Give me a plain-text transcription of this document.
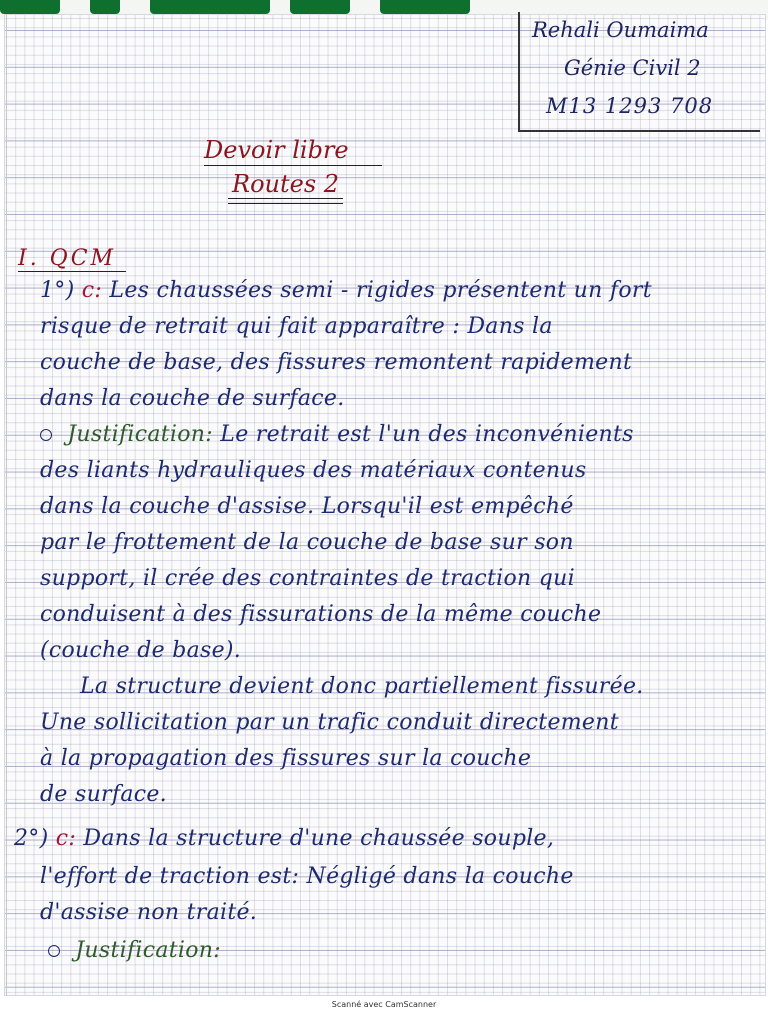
Rehali Oumaima
Génie Civil 2
M13 1293 708
Devoir libre
Routes 2
I. QCM
1°) c: Les chaussées semi - rigides présentent un fort
risque de retrait qui fait apparaître : Dans la
couche de base, des fissures remontent rapidement
dans la couche de surface.
Justification: Le retrait est l'un des inconvénients
des liants hydrauliques des matériaux contenus
dans la couche d'assise. Lorsqu'il est empêché
par le frottement de la couche de base sur son
support, il crée des contraintes de traction qui
conduisent à des fissurations de la même couche
(couche de base).
La structure devient donc partiellement fissurée.
Une sollicitation par un trafic conduit directement
à la propagation des fissures sur la couche
de surface.
2°) c: Dans la structure d'une chaussée souple,
l'effort de traction est: Négligé dans la couche
d'assise non traité.
Justification:
Scanné avec CamScanner
